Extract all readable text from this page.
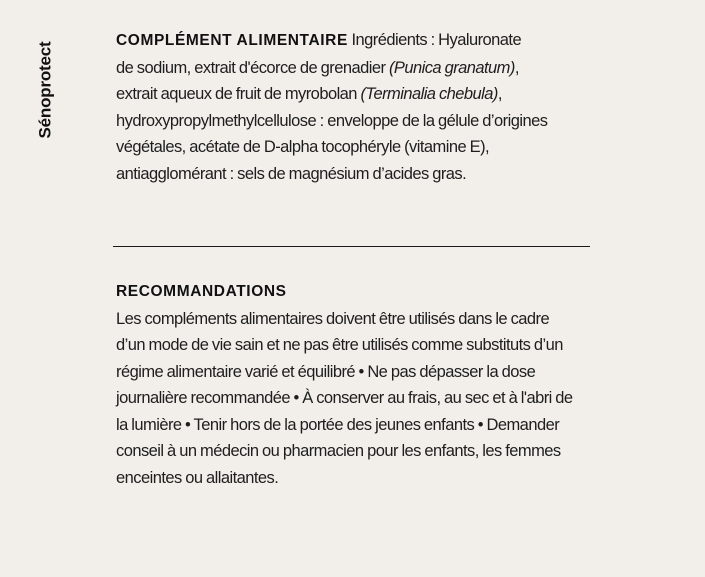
Sénoprotect
COMPLÉMENT ALIMENTAIRE Ingrédients : Hyaluronate
de sodium, extrait d'écorce de grenadier (Punica granatum),
extrait aqueux de fruit de myrobolan (Terminalia chebula),
hydroxypropylmethylcellulose : enveloppe de la gélule d’origines
végétales, acétate de D-alpha tocophéryle (vitamine E),
antiagglomérant : sels de magnésium d’acides gras.
RECOMMANDATIONS
Les compléments alimentaires doivent être utilisés dans le cadre
d’un mode de vie sain et ne pas être utilisés comme substituts d’un
régime alimentaire varié et équilibré • Ne pas dépasser la dose
journalière recommandée • À conserver au frais, au sec et à l'abri de
la lumière • Tenir hors de la portée des jeunes enfants • Demander
conseil à un médecin ou pharmacien pour les enfants, les femmes
enceintes ou allaitantes.
